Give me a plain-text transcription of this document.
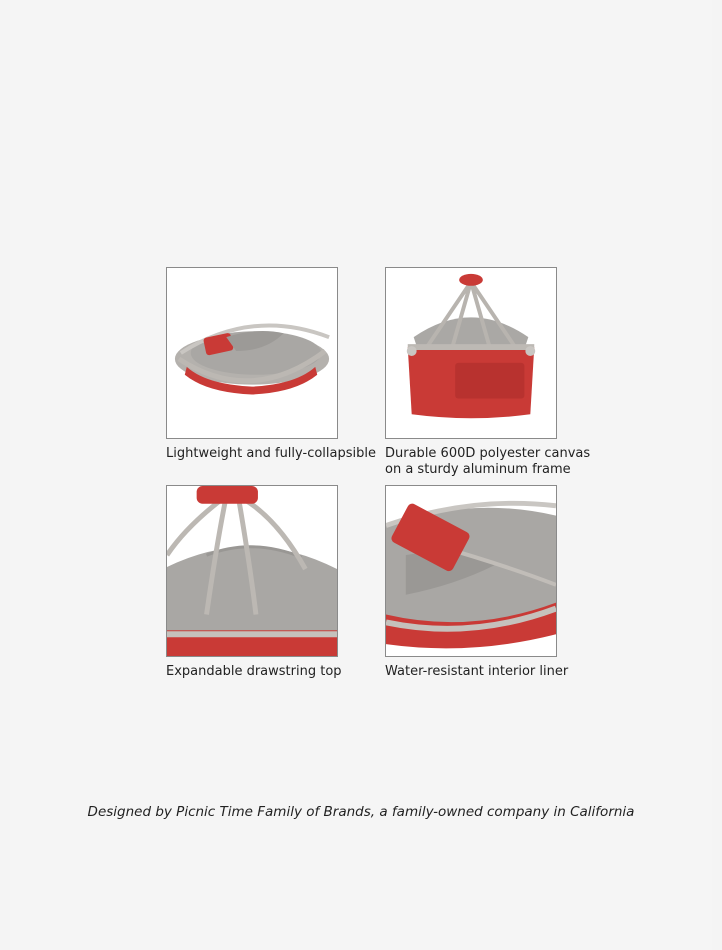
Lightweight and fully-collapsible Durable 600D polyester canvas
on a sturdy aluminum frame
Expandable drawstring top	Water-resistant interior liner
Designed by Picnic Time Family of Brands, a family-owned company in California
